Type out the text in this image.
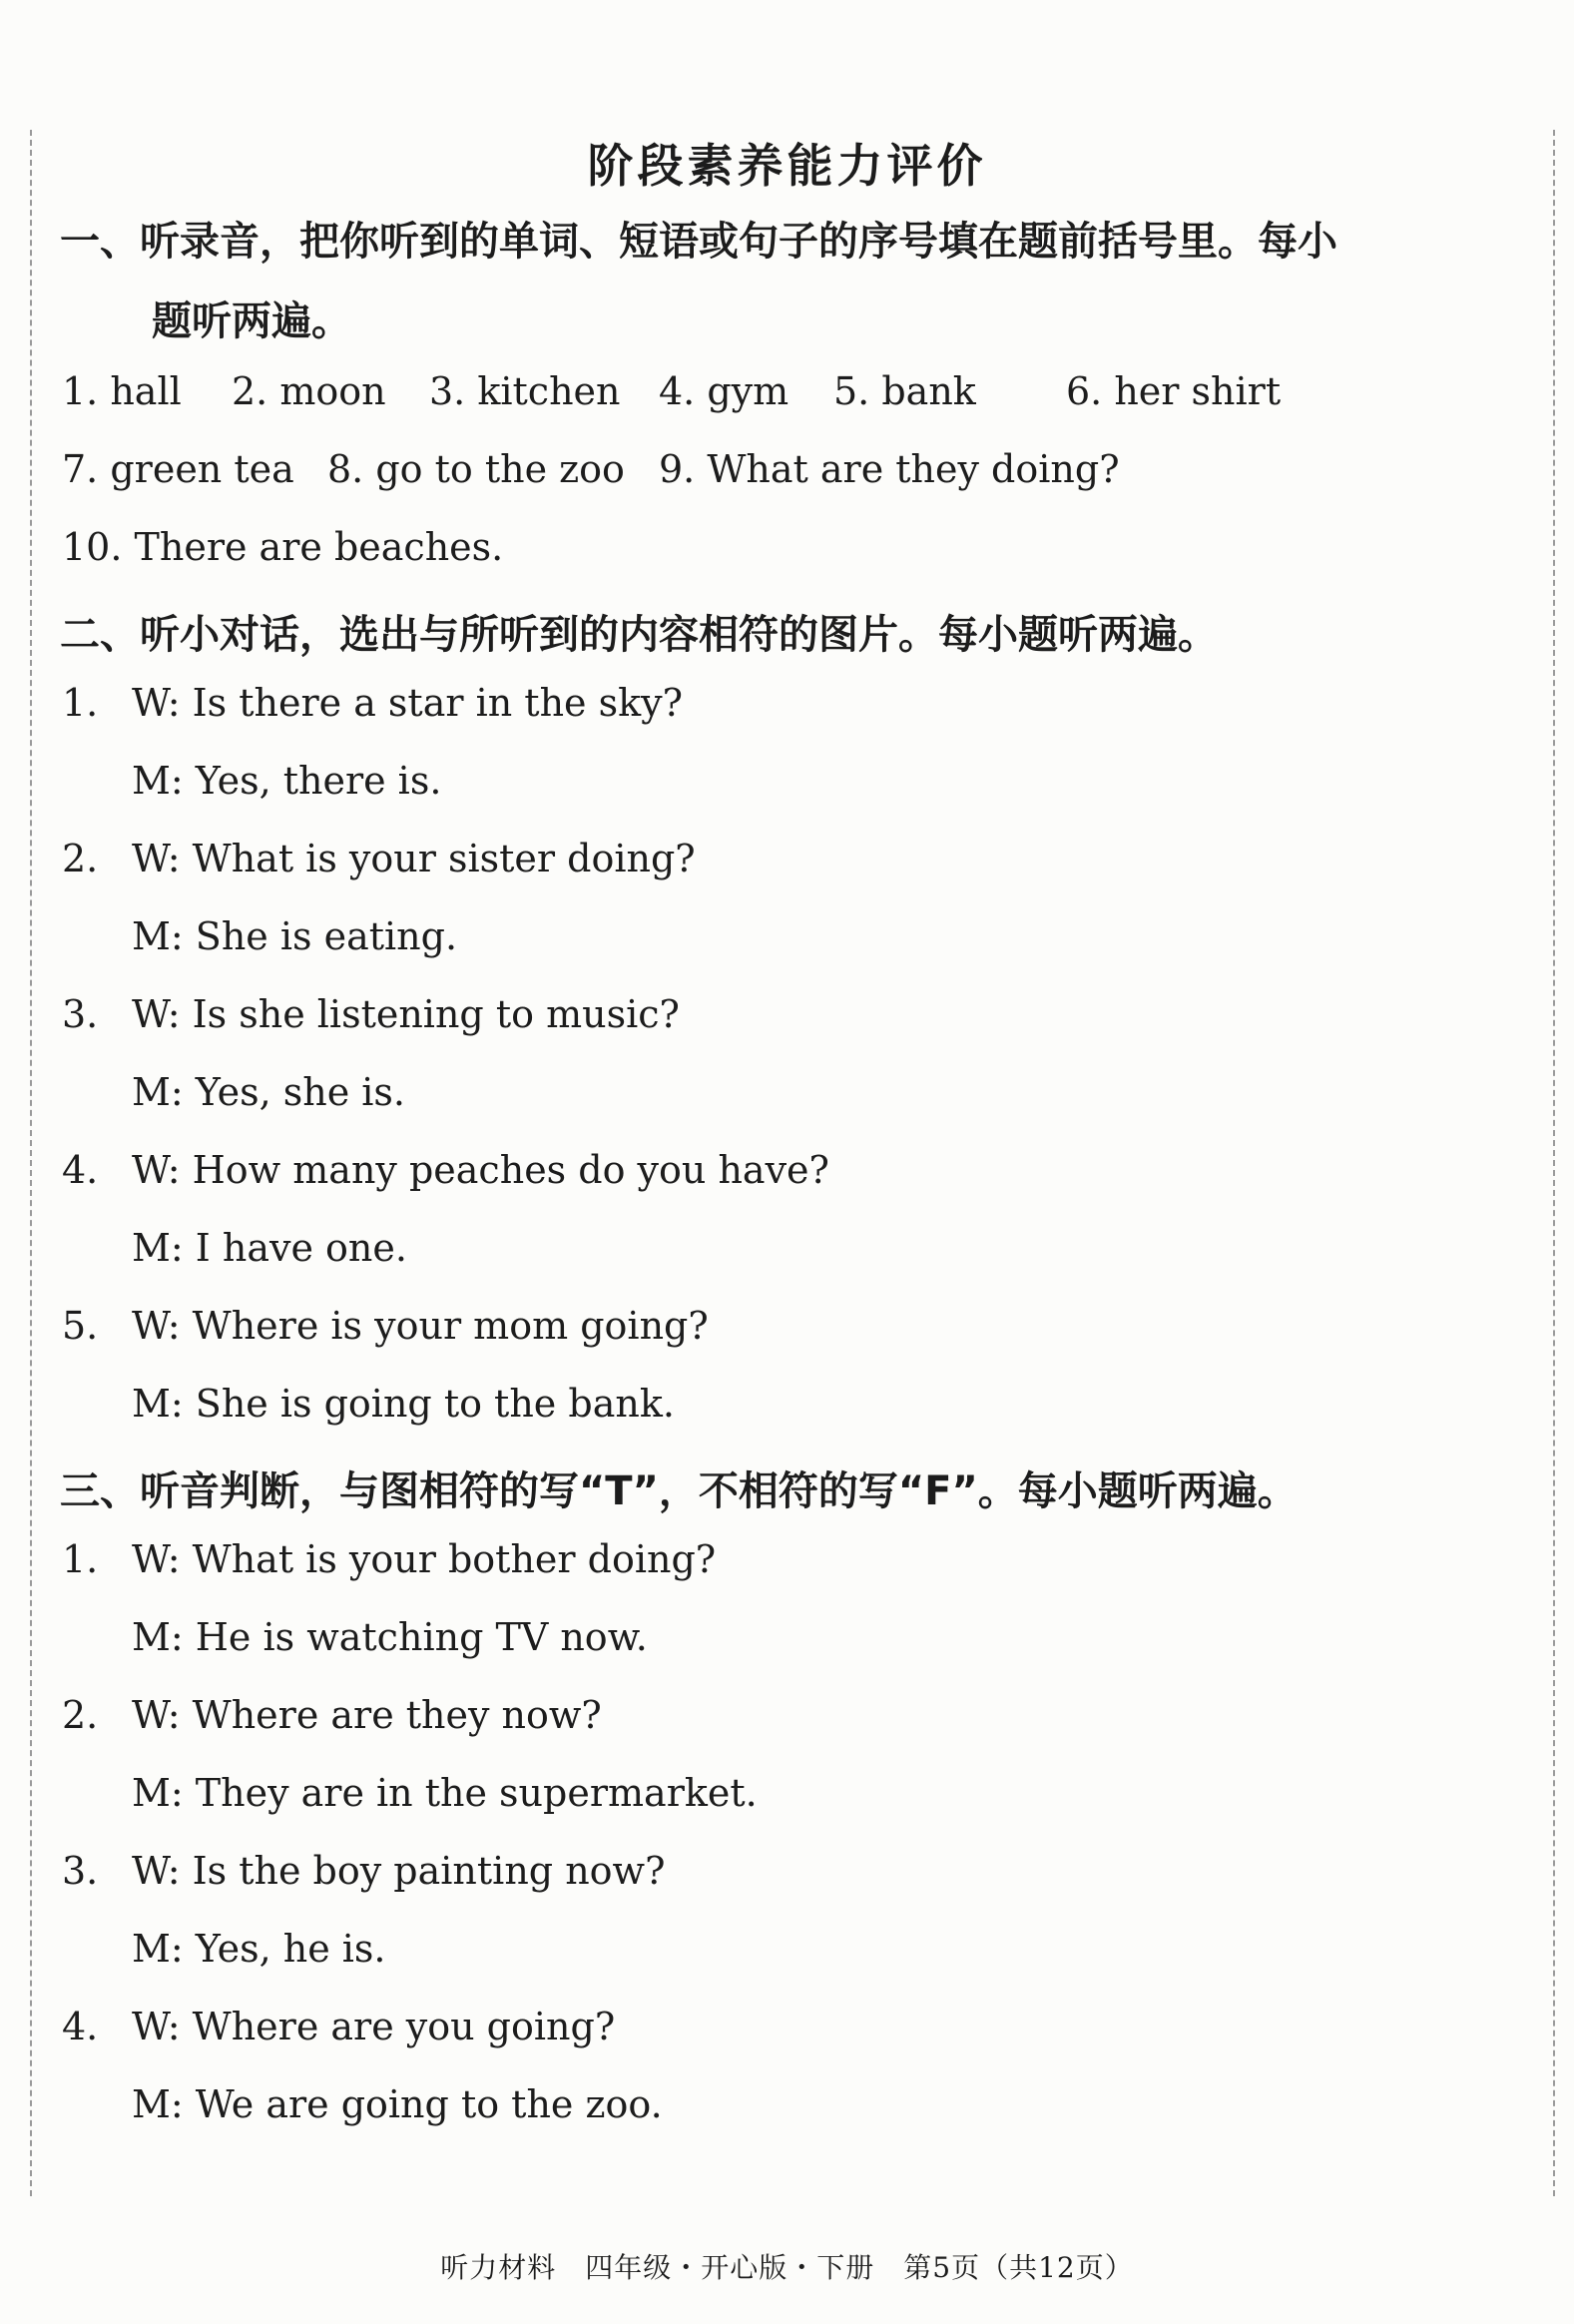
阶段素养能力评价
一、听录音，把你听到的单词、短语或句子的序号填在题前括号里。每小
题听两遍。
1. hall 2. moon 3. kitchen 4. gym 5. bank 6. her shirt
7. green tea 8. go to the zoo 9. What are they doing?
10. There are beaches.
二、听小对话，选出与所听到的内容相符的图片。每小题听两遍。
1. W: Is there a star in the sky?
M: Yes, there is.
2. W: What is your sister doing?
M: She is eating.
3. W: Is she listening to music?
M: Yes, she is.
4. W: How many peaches do you have?
M: I have one.
5. W: Where is your mom going?
M: She is going to the bank.
三、听音判断，与图相符的写“T”，不相符的写“F”。每小题听两遍。
1. W: What is your bother doing?
M: He is watching TV now.
2. W: Where are they now?
M: They are in the supermarket.
3. W: Is the boy painting now?
M: Yes, he is.
4. W: Where are you going?
M: We are going to the zoo.
听力材料　四年级・开心版・下册　第5页（共12页）
